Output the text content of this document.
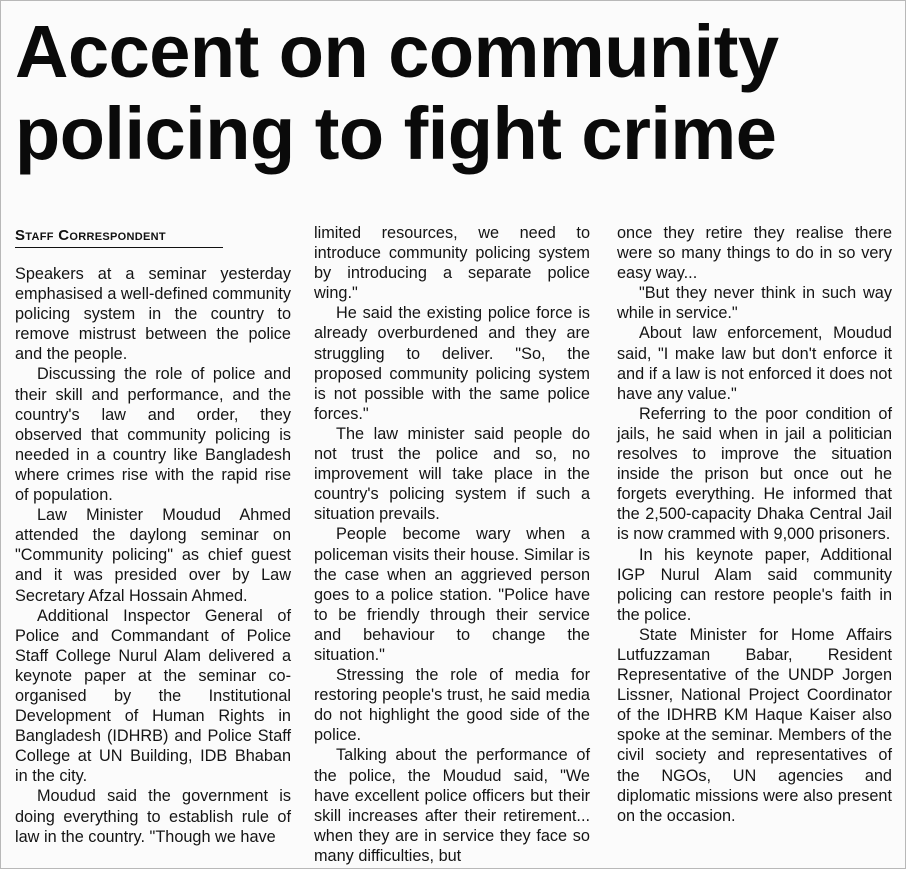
Accent on community
policing to fight crime
Staff Correspondent

Speakers at a seminar yesterday emphasised a well-defined community policing system in the country to remove mistrust between the police and the people.

Discussing the role of police and their skill and performance, and the country's law and order, they observed that community policing is needed in a country like Bangladesh where crimes rise with the rapid rise of population.

Law Minister Moudud Ahmed attended the daylong seminar on "Community policing" as chief guest and it was presided over by Law Secretary Afzal Hossain Ahmed.

Additional Inspector General of Police and Commandant of Police Staff College Nurul Alam delivered a keynote paper at the seminar co-organised by the Institutional Development of Human Rights in Bangladesh (IDHRB) and Police Staff College at UN Building, IDB Bhaban in the city.

Moudud said the government is doing everything to establish rule of law in the country. "Though we have

limited resources, we need to introduce community policing system by introducing a separate police wing."

He said the existing police force is already overburdened and they are struggling to deliver. "So, the proposed community policing system is not possible with the same police forces."

The law minister said people do not trust the police and so, no improvement will take place in the country's policing system if such a situation prevails.

People become wary when a policeman visits their house. Similar is the case when an aggrieved person goes to a police station. "Police have to be friendly through their service and behaviour to change the situation."

Stressing the role of media for restoring people's trust, he said media do not highlight the good side of the police.

Talking about the performance of the police, the Moudud said, "We have excellent police officers but their skill increases after their retirement... when they are in service they face so many difficulties, but

once they retire they realise there were so many things to do in so very easy way...

"But they never think in such way while in service."

About law enforcement, Moudud said, "I make law but don't enforce it and if a law is not enforced it does not have any value."

Referring to the poor condition of jails, he said when in jail a politician resolves to improve the situation inside the prison but once out he forgets everything. He informed that the 2,500-capacity Dhaka Central Jail is now crammed with 9,000 prisoners.

In his keynote paper, Additional IGP Nurul Alam said community policing can restore people's faith in the police.

State Minister for Home Affairs Lutfuzzaman Babar, Resident Representative of the UNDP Jorgen Lissner, National Project Coordinator of the IDHRB KM Haque Kaiser also spoke at the seminar. Members of the civil society and representatives of the NGOs, UN agencies and diplomatic missions were also present on the occasion.
